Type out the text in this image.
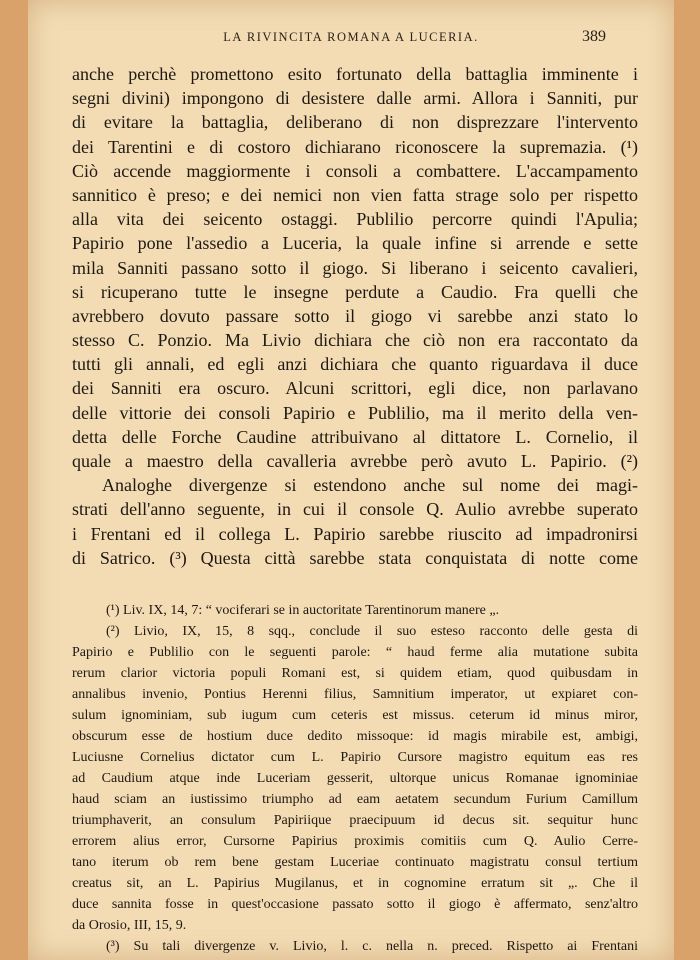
LA RIVINCITA ROMANA A LUCERIA.	389
anche perchè promettono esito fortunato della battaglia imminente i
segni divini) impongono di desistere dalle armi. Allora i Sanniti, pur
di evitare la battaglia, deliberano di non disprezzare l'intervento
dei Tarentini e di costoro dichiarano riconoscere la supremazia. (¹)
Ciò accende maggiormente i consoli a combattere. L'accampamento
sannitico è preso; e dei nemici non vien fatta strage solo per rispetto
alla vita dei seicento ostaggi. Publilio percorre quindi l'Apulia;
Papirio pone l'assedio a Luceria, la quale infine si arrende e sette
mila Sanniti passano sotto il giogo. Si liberano i seicento cavalieri,
si ricuperano tutte le insegne perdute a Caudio. Fra quelli che
avrebbero dovuto passare sotto il giogo vi sarebbe anzi stato lo
stesso C. Ponzio. Ma Livio dichiara che ciò non era raccontato da
tutti gli annali, ed egli anzi dichiara che quanto riguardava il duce
dei Sanniti era oscuro. Alcuni scrittori, egli dice, non parlavano
delle vittorie dei consoli Papirio e Publilio, ma il merito della ven-
detta delle Forche Caudine attribuivano al dittatore L. Cornelio, il
quale a maestro della cavalleria avrebbe però avuto L. Papirio. (²)
Analoghe divergenze si estendono anche sul nome dei magi-
strati dell'anno seguente, in cui il console Q. Aulio avrebbe superato
i Frentani ed il collega L. Papirio sarebbe riuscito ad impadronirsi
di Satrico. (³) Questa città sarebbe stata conquistata di notte come
(¹) Liv. IX, 14, 7: “ vociferari se in auctoritate Tarentinorum manere „.
(²) Livio, IX, 15, 8 sqq., conclude il suo esteso racconto delle gesta di
Papirio e Publilio con le seguenti parole: “ haud ferme alia mutatione subita
rerum clarior victoria populi Romani est, si quidem etiam, quod quibusdam in
annalibus invenio, Pontius Herenni filius, Samnitium imperator, ut expiaret con-
sulum ignominiam, sub iugum cum ceteris est missus. ceterum id minus miror,
obscurum esse de hostium duce dedito missoque: id magis mirabile est, ambigi,
Luciusne Cornelius dictator cum L. Papirio Cursore magistro equitum eas res
ad Caudium atque inde Luceriam gesserit, ultorque unicus Romanae ignominiae
haud sciam an iustissimo triumpho ad eam aetatem secundum Furium Camillum
triumphaverit, an consulum Papiriique praecipuum id decus sit. sequitur hunc
errorem alius error, Cursorne Papirius proximis comitiis cum Q. Aulio Cerre-
tano iterum ob rem bene gestam Luceriae continuato magistratu consul tertium
creatus sit, an L. Papirius Mugilanus, et in cognomine erratum sit „. Che il
duce sannita fosse in quest'occasione passato sotto il giogo è affermato, senz'altro
da Orosio, III, 15, 9.
(³) Su tali divergenze v. Livio, l. c. nella n. preced. Rispetto ai Frentani
